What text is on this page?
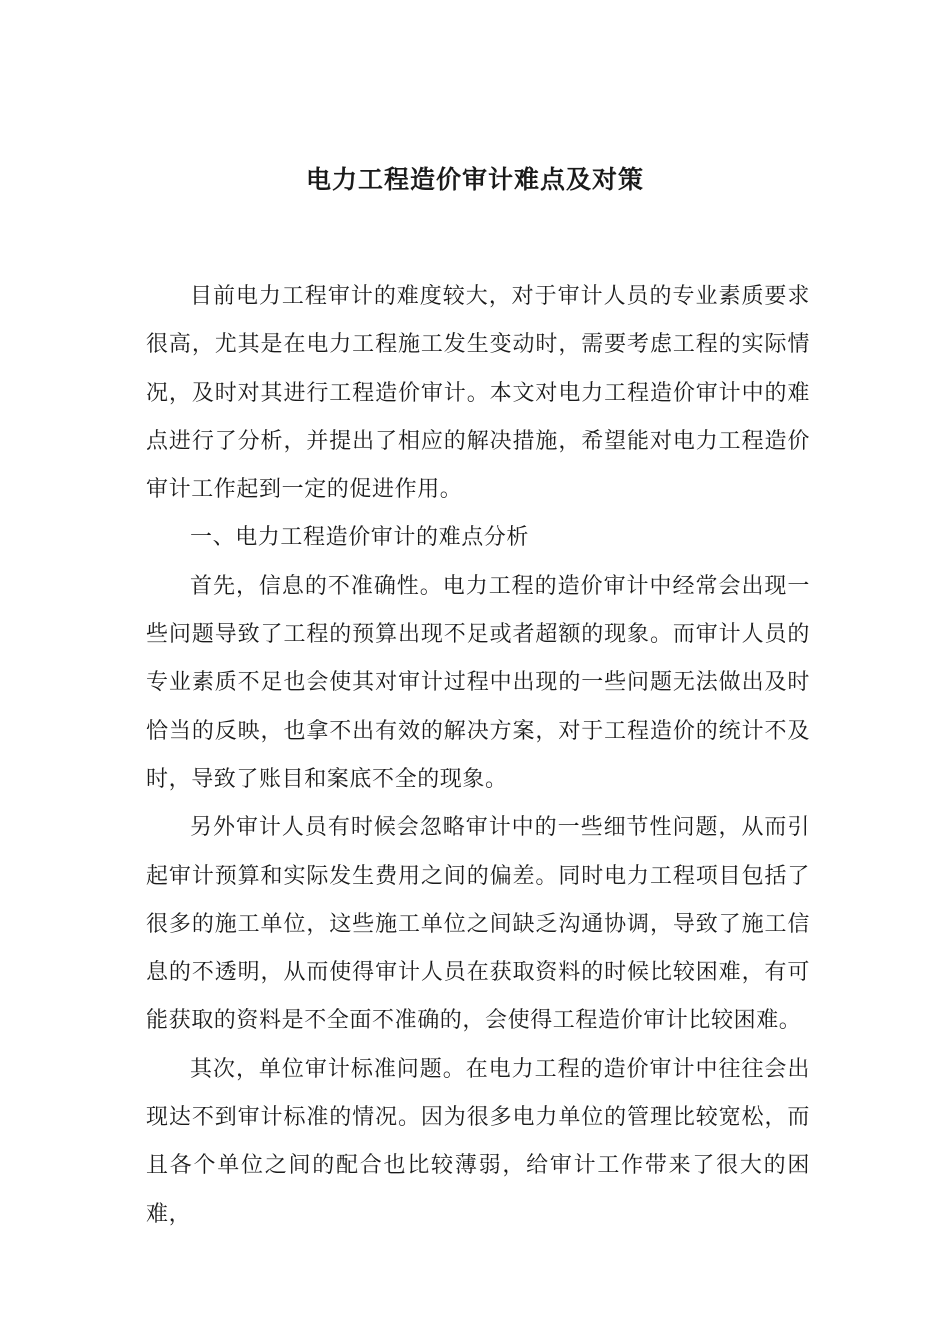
电力工程造价审计难点及对策

目前电力工程审计的难度较大，对于审计人员的专业素质要求很高，尤其是在电力工程施工发生变动时，需要考虑工程的实际情况，及时对其进行工程造价审计。本文对电力工程造价审计中的难点进行了分析，并提出了相应的解决措施，希望能对电力工程造价审计工作起到一定的促进作用。

一、电力工程造价审计的难点分析

首先，信息的不准确性。电力工程的造价审计中经常会出现一些问题导致了工程的预算出现不足或者超额的现象。而审计人员的专业素质不足也会使其对审计过程中出现的一些问题无法做出及时恰当的反映，也拿不出有效的解决方案，对于工程造价的统计不及时，导致了账目和案底不全的现象。

另外审计人员有时候会忽略审计中的一些细节性问题，从而引起审计预算和实际发生费用之间的偏差。同时电力工程项目包括了很多的施工单位，这些施工单位之间缺乏沟通协调，导致了施工信息的不透明，从而使得审计人员在获取资料的时候比较困难，有可能获取的资料是不全面不准确的，会使得工程造价审计比较困难。

其次，单位审计标准问题。在电力工程的造价审计中往往会出现达不到审计标准的情况。因为很多电力单位的管理比较宽松，而且各个单位之间的配合也比较薄弱，给审计工作带来了很大的困难，
